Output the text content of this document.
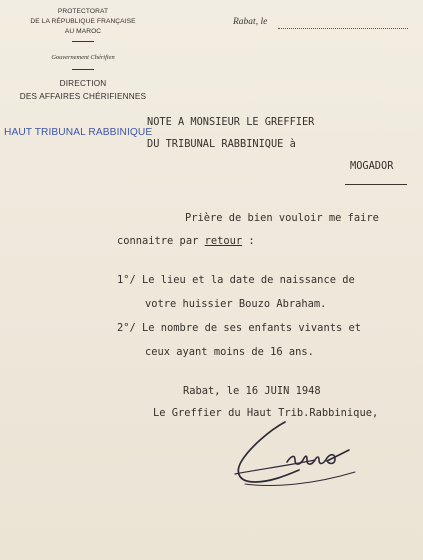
PROTECTORAT
DE LA RÉPUBLIQUE FRANÇAISE
AU MAROC
Gouvernement Chérifien
DIRECTION
DES AFFAIRES CHÉRIFIENNES
Rabat, le
HAUT TRIBUNAL RABBINIQUE
NOTE A MONSIEUR LE GREFFIER
DU TRIBUNAL RABBINIQUE à
MOGADOR
Prière de bien vouloir me faire
connaitre par retour :
1°/ Le lieu et la date de naissance de
votre huissier Bouzo Abraham.
2°/ Le nombre de ses enfants vivants et
ceux ayant moins de 16 ans.
Rabat, le 16 JUIN 1948
Le Greffier du Haut Trib.Rabbinique,
